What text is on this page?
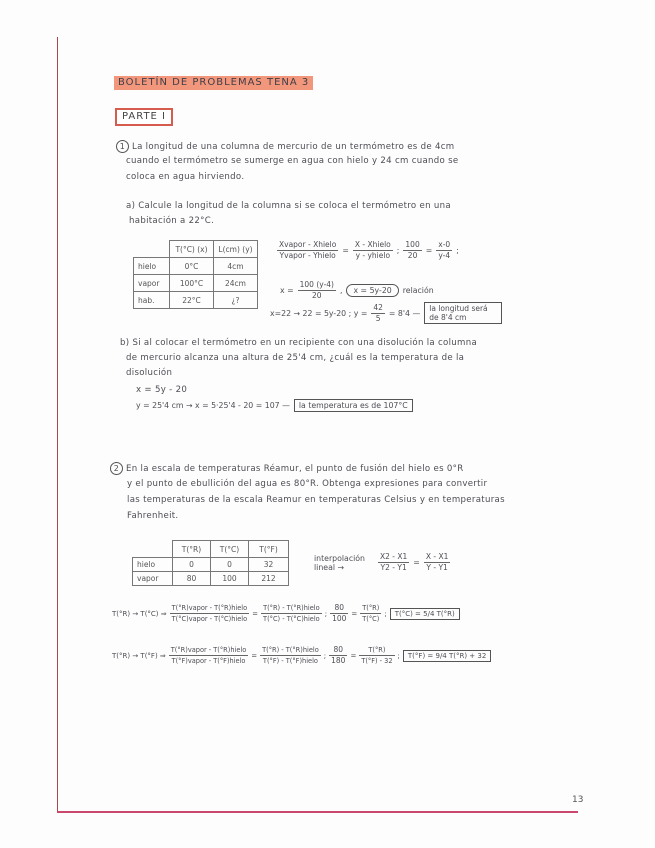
13
BOLETÍN DE PROBLEMAS TENA 3
PARTE I
1 La longitud de una columna de mercurio de un termómetro es de 4cm
cuando el termómetro se sumerge en agua con hielo y 24 cm cuando se
coloca en agua hirviendo.
a) Calcule la longitud de la columna si se coloca el termómetro en una
habitación a 22°C.
	T(°C) (x)	L(cm) (y)
hielo	0°C	4cm
vapor	100°C	24cm
hab.	22°C	¿?
$\frac{\text{Xvapor - Xhielo}}{\text{Yvapor - Yhielo}} = \frac{\text{X - Xhielo}}{\text{y - yhielo}}$ ; $\frac{100}{20} = \frac{x-0}{y-4}$ ;
$x = \frac{100 (y-4)}{20}$ ,	x = 5y-20	relación
x=22 → 22 = 5y-20 ; $y = \frac{42}{5} = 8'4$ —	la longitud será de 8'4 cm
b) Si al colocar el termómetro en un recipiente con una disolución la columna
de mercurio alcanza una altura de 25'4 cm, ¿cuál es la temperatura de la
disolución
x = 5y - 20
y = 25'4 cm → x = 5·25'4 - 20 = 107 —	la temperatura es de 107°C
2 En la escala de temperaturas Réamur, el punto de fusión del hielo es 0°R
y el punto de ebullición del agua es 80°R. Obtenga expresiones para convertir
las temperaturas de la escala Reamur en temperaturas Celsius y en temperaturas
Fahrenheit.
	T(°R)	T(°C)	T(°F)
hielo	0	0	32
vapor	80	100	212
interpolación lineal →	$\frac{X2 - X1}{Y2 - Y1} = \frac{X - X1}{Y - Y1}$
T(°R) → T(°C) ⇒ $\frac{\text{T(°R)vapor - T(°R)hielo}}{\text{T(°C)vapor - T(°C)hielo}} = \frac{\text{T(°R) - T(°R)hielo}}{\text{T(°C) - T(°C)hielo}}$ ; $\frac{80}{100} = \frac{T(^\circ R)}{T(^\circ C)}$ ;	T(°C) = 5/4 T(°R)
T(°R) → T(°F) ⇒ $\frac{\text{T(°R)vapor - T(°R)hielo}}{\text{T(°F)vapor - T(°F)hielo}} = \frac{\text{T(°R) - T(°R)hielo}}{\text{T(°F) - T(°F)hielo}}$ ; $\frac{80}{180} = \frac{T(^\circ R)}{T(^\circ F) - 32}$ ;	T(°F) = 9/4 T(°R) + 32
